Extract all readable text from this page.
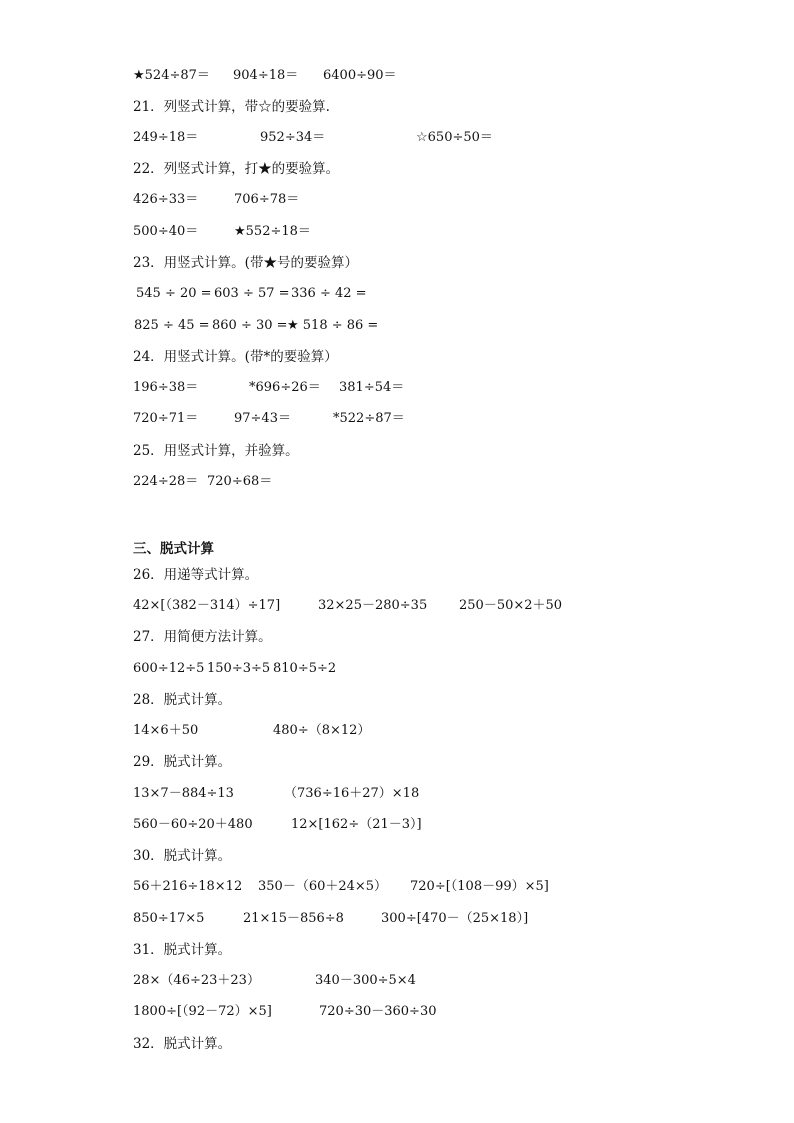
★524÷87＝ 904÷18＝ 6400÷90＝
21．列竖式计算，带☆的要验算.
249÷18＝	952÷34＝	☆650÷50＝
22．列竖式计算，打★的要验算。
426÷33＝	706÷78＝
500÷40＝	★552÷18＝
23．用竖式计算。(带★号的要验算）
545 ÷ 20 = 603 ÷ 57 = 336 ÷ 42 =
825 ÷ 45 = 860 ÷ 30 = ★ 518 ÷ 86 =
24．用竖式计算。(带*的要验算）
196÷38＝	*696÷26＝ 381÷54＝
720÷71＝	97÷43＝	*522÷87＝
25．用竖式计算，并验算。
224÷28＝ 720÷68＝
三、脱式计算
26．用递等式计算。
42×[（382－314）÷17]	32×25－280÷35 250－50×2＋50
27．用简便方法计算。
600÷12÷5 150÷3÷5 810÷5÷2
28．脱式计算。
14×6＋50	480÷（8×12）
29．脱式计算。
13×7－884÷13	（736÷16＋27）×18
560－60÷20＋480	12×[162÷（21－3）]
30．脱式计算。
56＋216÷18×12 350－（60＋24×5） 720÷[（108－99）×5]
850÷17×5	21×15－856÷8	300÷[470－（25×18）]
31．脱式计算。
28×（46÷23＋23）	340－300÷5×4
1800÷[（92－72）×5]	720÷30－360÷30
32．脱式计算。
